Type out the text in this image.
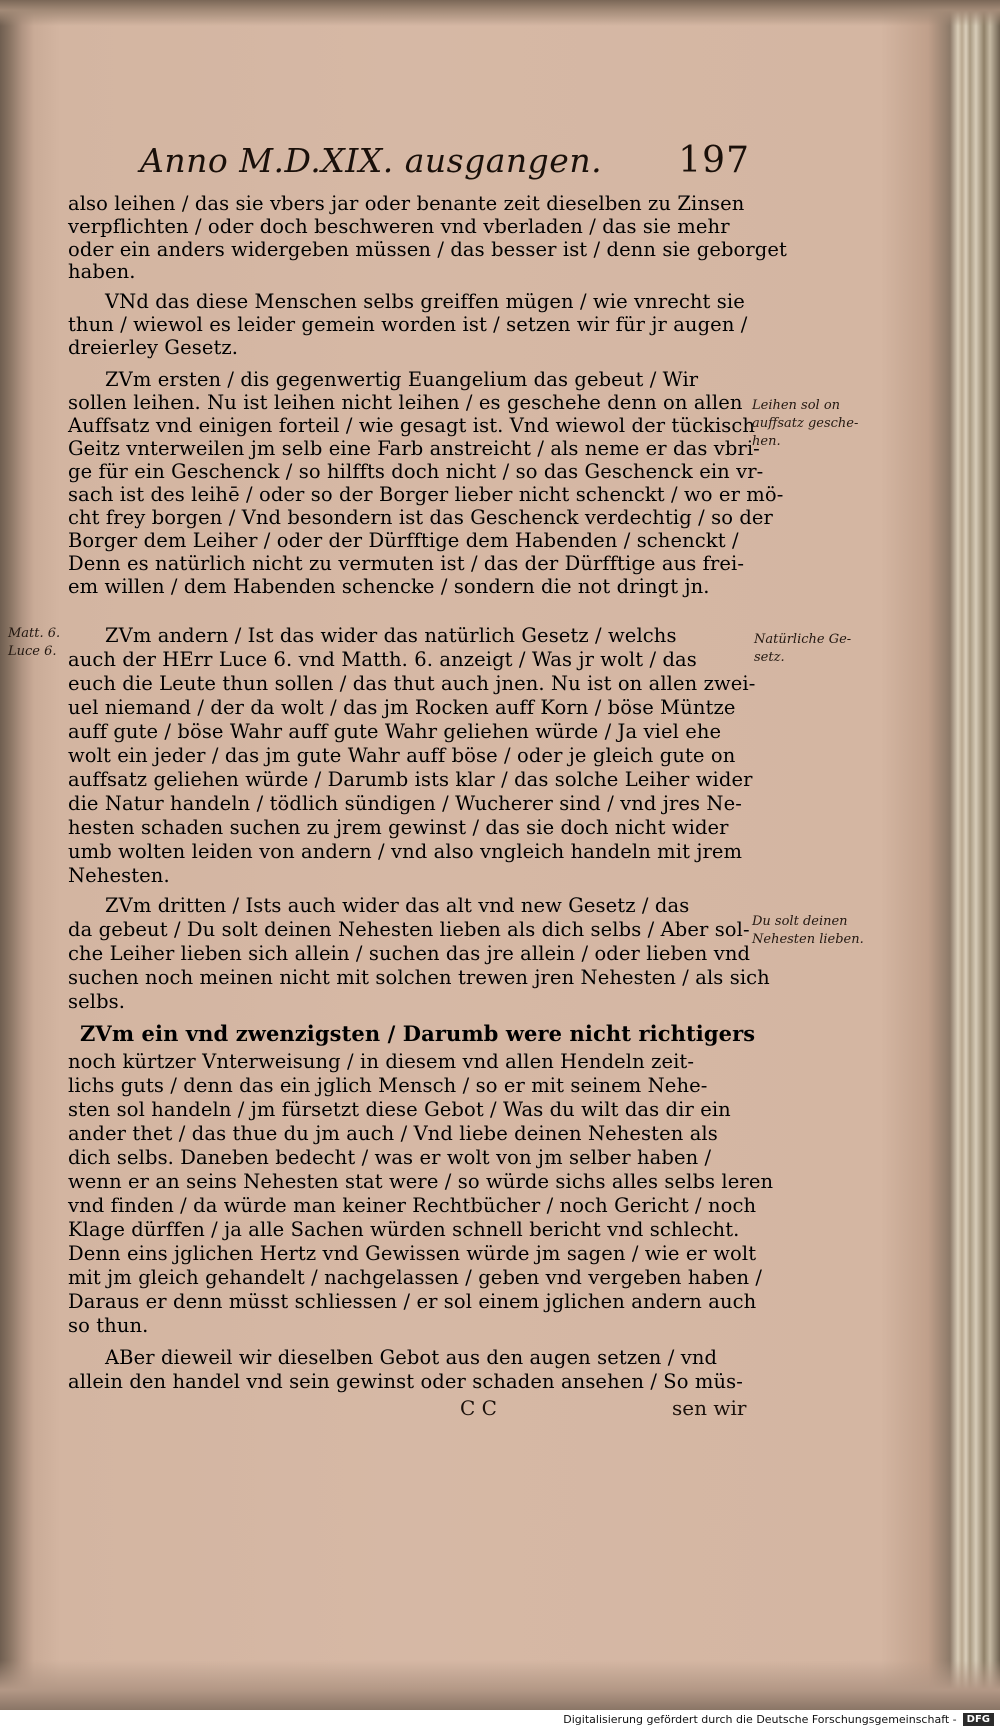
Anno M.D.XIX. ausgangen. 197
also leihen / das sie vbers jar oder benante zeit dieselben zu Zinsen
verpflichten / oder doch beschweren vnd vberladen / das sie mehr
oder ein anders widergeben müssen / das besser ist / denn sie geborget
haben.
VNd das diese Menschen selbs greiffen mügen / wie vnrecht sie
thun / wiewol es leider gemein worden ist / setzen wir für jr augen /
dreierley Gesetz.
ZVm ersten / dis gegenwertig Euangelium das gebeut / Wir
sollen leihen. Nu ist leihen nicht leihen / es geschehe denn on allen
Auffsatz vnd einigen forteil / wie gesagt ist. Vnd wiewol der tückisch
Geitz vnterweilen jm selb eine Farb anstreicht / als neme er das vbri-
ge für ein Geschenck / so hilffts doch nicht / so das Geschenck ein vr-
sach ist des leihē / oder so der Borger lieber nicht schenckt / wo er mö-
cht frey borgen / Vnd besondern ist das Geschenck verdechtig / so der
Borger dem Leiher / oder der Dürfftige dem Habenden / schenckt /
Denn es natürlich nicht zu vermuten ist / das der Dürfftige aus frei-
em willen / dem Habenden schencke / sondern die not dringt jn.
ZVm andern / Ist das wider das natürlich Gesetz / welchs
auch der HErr Luce 6. vnd Matth. 6. anzeigt / Was jr wolt / das
euch die Leute thun sollen / das thut auch jnen. Nu ist on allen zwei-
uel niemand / der da wolt / das jm Rocken auff Korn / böse Müntze
auff gute / böse Wahr auff gute Wahr geliehen würde / Ja viel ehe
wolt ein jeder / das jm gute Wahr auff böse / oder je gleich gute on
auffsatz geliehen würde / Darumb ists klar / das solche Leiher wider
die Natur handeln / tödlich sündigen / Wucherer sind / vnd jres Ne-
hesten schaden suchen zu jrem gewinst / das sie doch nicht wider
umb wolten leiden von andern / vnd also vngleich handeln mit jrem
Nehesten.
ZVm dritten / Ists auch wider das alt vnd new Gesetz / das
da gebeut / Du solt deinen Nehesten lieben als dich selbs / Aber sol-
che Leiher lieben sich allein / suchen das jre allein / oder lieben vnd
suchen noch meinen nicht mit solchen trewen jren Nehesten / als sich
selbs.
ZVm ein vnd zwenzigsten / Darumb were nicht richtigers
noch kürtzer Vnterweisung / in diesem vnd allen Hendeln zeit-
lichs guts / denn das ein jglich Mensch / so er mit seinem Nehe-
sten sol handeln / jm fürsetzt diese Gebot / Was du wilt das dir ein
ander thet / das thue du jm auch / Vnd liebe deinen Nehesten als
dich selbs. Daneben bedecht / was er wolt von jm selber haben /
wenn er an seins Nehesten stat were / so würde sichs alles selbs leren
vnd finden / da würde man keiner Rechtbücher / noch Gericht / noch
Klage dürffen / ja alle Sachen würden schnell bericht vnd schlecht.
Denn eins jglichen Hertz vnd Gewissen würde jm sagen / wie er wolt
mit jm gleich gehandelt / nachgelassen / geben vnd vergeben haben /
Daraus er denn müsst schliessen / er sol einem jglichen andern auch
so thun.
ABer dieweil wir dieselben Gebot aus den augen setzen / vnd
allein den handel vnd sein gewinst oder schaden ansehen / So müs-
C C	sen wir
Leihen sol on
auffsatz gesche-
hen.
Natürliche Ge-
setz.
Du solt deinen
Nehesten lieben.
Matt. 6.
Luce 6.
Digitalisierung gefördert durch die Deutsche Forschungsgemeinschaft -	DFG
